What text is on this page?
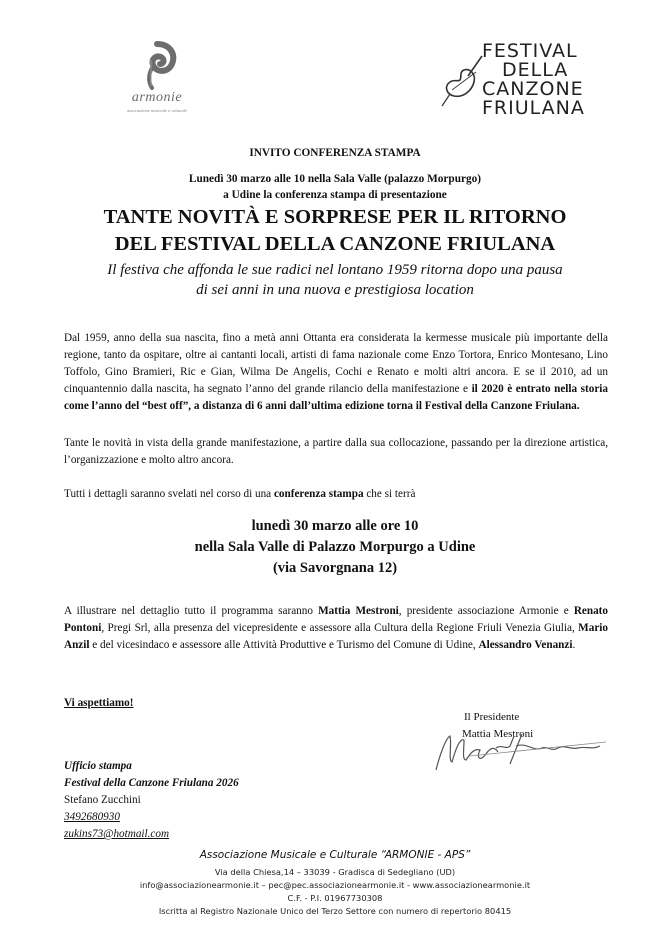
armonie
associazione musicale e culturale
FESTIVAL
DELLA
CANZONE
FRIULANA
INVITO CONFERENZA STAMPA
Lunedì 30 marzo alle 10 nella Sala Valle (palazzo Morpurgo)
a Udine la conferenza stampa di presentazione
TANTE NOVITÀ E SORPRESE PER IL RITORNO
DEL FESTIVAL DELLA CANZONE FRIULANA
Il festiva che affonda le sue radici nel lontano 1959 ritorna dopo una pausa
di sei anni in una nuova e prestigiosa location
Dal 1959, anno della sua nascita, fino a metà anni Ottanta era considerata la kermesse musicale più importante della regione, tanto da ospitare, oltre ai cantanti locali, artisti di fama nazionale come Enzo Tortora, Enrico Montesano, Lino Toffolo, Gino Bramieri, Ric e Gian, Wilma De Angelis, Cochi e Renato e molti altri ancora. E se il 2010, ad un cinquantennio dalla nascita, ha segnato l’anno del grande rilancio della manifestazione e il 2020 è entrato nella storia come l’anno del “best off”, a distanza di 6 anni dall’ultima edizione torna il Festival della Canzone Friulana.
Tante le novità in vista della grande manifestazione, a partire dalla sua collocazione, passando per la direzione artistica, l’organizzazione e molto altro ancora.
Tutti i dettagli saranno svelati nel corso di una conferenza stampa che si terrà
lunedì 30 marzo alle ore 10
nella Sala Valle di Palazzo Morpurgo a Udine
(via Savorgnana 12)
A illustrare nel dettaglio tutto il programma saranno Mattia Mestroni, presidente associazione Armonie e Renato Pontoni, Pregi Srl, alla presenza del vicepresidente e assessore alla Cultura della Regione Friuli Venezia Giulia, Mario Anzil e del vicesindaco e assessore alle Attività Produttive e Turismo del Comune di Udine, Alessandro Venanzi.
Vi aspettiamo!
Il Presidente
Mattia Mestroni
Ufficio stampa
Festival della Canzone Friulana 2026
Stefano Zucchini
3492680930
zukins73@hotmail.com
Associazione Musicale e Culturale “ARMONIE - APS”
Via della Chiesa,14 – 33039 - Gradisca di Sedegliano (UD)
info@associazionearmonie.it – pec@pec.associazionearmonie.it - www.associazionearmonie.it
C.F. - P.I. 01967730308
Iscritta al Registro Nazionale Unico del Terzo Settore con numero di repertorio 80415
